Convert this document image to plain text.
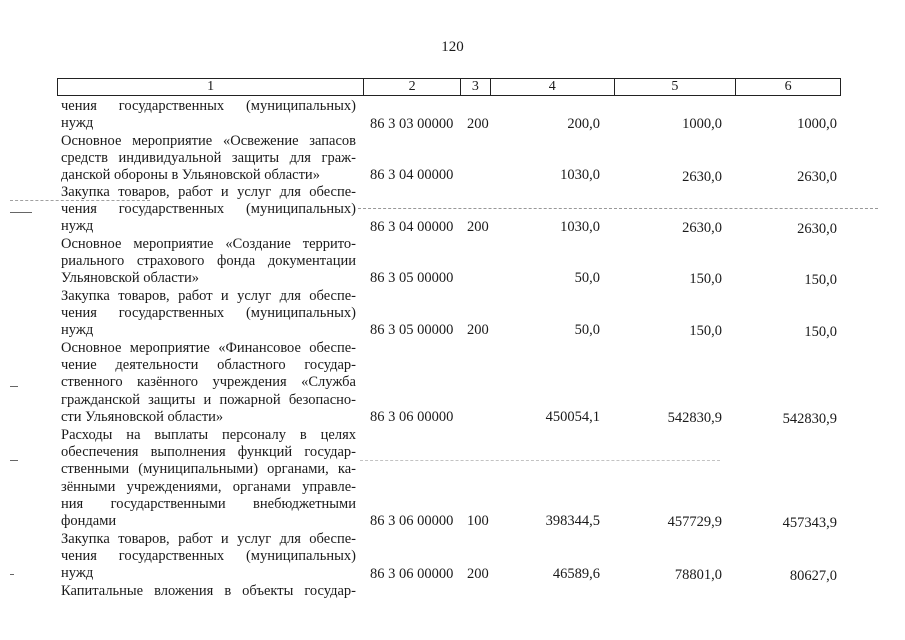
120
1	2	3	4	5	6
чения государственных (муниципальных)
нужд	86 3 03 00000 200	200,0	1000,0	1000,0
Основное мероприятие «Освежение запасов
средств индивидуальной защиты для граж-
данской обороны в Ульяновской области»	86 3 04 00000	1030,0	2630,0	2630,0
Закупка товаров, работ и услуг для обеспе-
чения государственных (муниципальных)
нужд	86 3 04 00000 200	1030,0	2630,0	2630,0
Основное мероприятие «Создание террито-
риального страхового фонда документации
Ульяновской области»	86 3 05 00000	50,0	150,0	150,0
Закупка товаров, работ и услуг для обеспе-
чения государственных (муниципальных)
нужд	86 3 05 00000 200	50,0	150,0	150,0
Основное мероприятие «Финансовое обеспе-
чение деятельности областного государ-
ственного казённого учреждения «Служба
гражданской защиты и пожарной безопасно-
сти Ульяновской области»	86 3 06 00000	450054,1	542830,9	542830,9
Расходы на выплаты персоналу в целях
обеспечения выполнения функций государ-
ственными (муниципальными) органами, ка-
зёнными учреждениями, органами управле-
ния государственными внебюджетными
фондами	86 3 06 00000 100	398344,5	457729,9	457343,9
Закупка товаров, работ и услуг для обеспе-
чения государственных (муниципальных)
нужд	86 3 06 00000 200	46589,6	78801,0	80627,0
Капитальные вложения в объекты государ-
